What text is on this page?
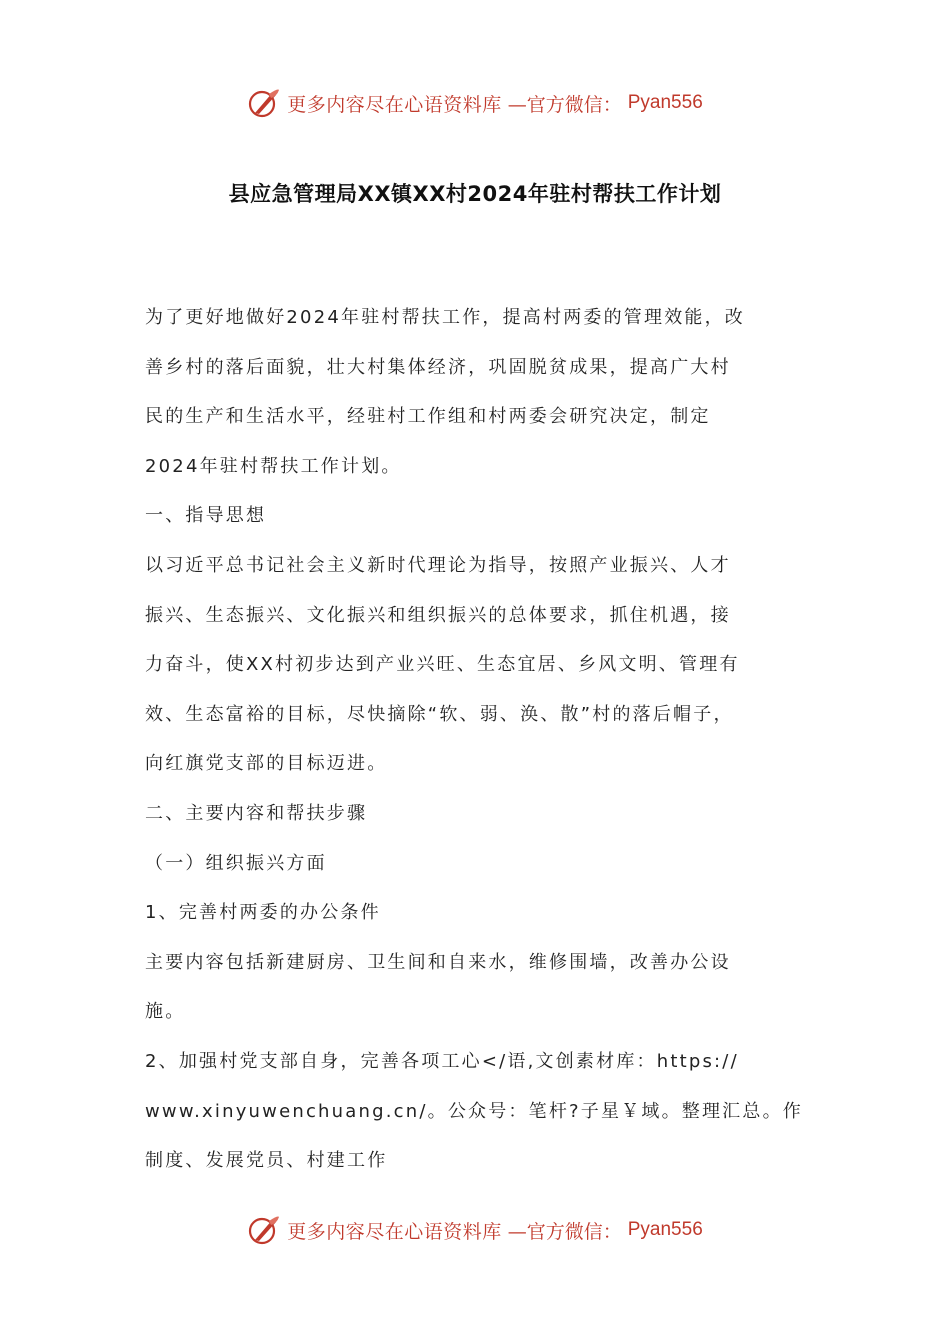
更多内容尽在心语资料库 —官方微信： Pyan556
县应急管理局XX镇XX村2024年驻村帮扶工作计划
为了更好地做好2024年驻村帮扶工作，提高村两委的管理效能，改
善乡村的落后面貌，壮大村集体经济，巩固脱贫成果，提高广大村
民的生产和生活水平，经驻村工作组和村两委会研究决定，制定
2024年驻村帮扶工作计划。
一、指导思想
以习近平总书记社会主义新时代理论为指导，按照产业振兴、人才
振兴、生态振兴、文化振兴和组织振兴的总体要求，抓住机遇，接
力奋斗，使XX村初步达到产业兴旺、生态宜居、乡风文明、管理有
效、生态富裕的目标，尽快摘除“软、弱、涣、散”村的落后帽子，
向红旗党支部的目标迈进。
二、主要内容和帮扶步骤
（一）组织振兴方面
1、完善村两委的办公条件
主要内容包括新建厨房、卫生间和自来水，维修围墙，改善办公设
施。
2、加强村党支部自身，完善各项工心</语,文创素材库：https://
www.xinyuwenchuang.cn/。公众号：笔杆?子星￥域。整理汇总。作
制度、发展党员、村建工作
更多内容尽在心语资料库 —官方微信： Pyan556
